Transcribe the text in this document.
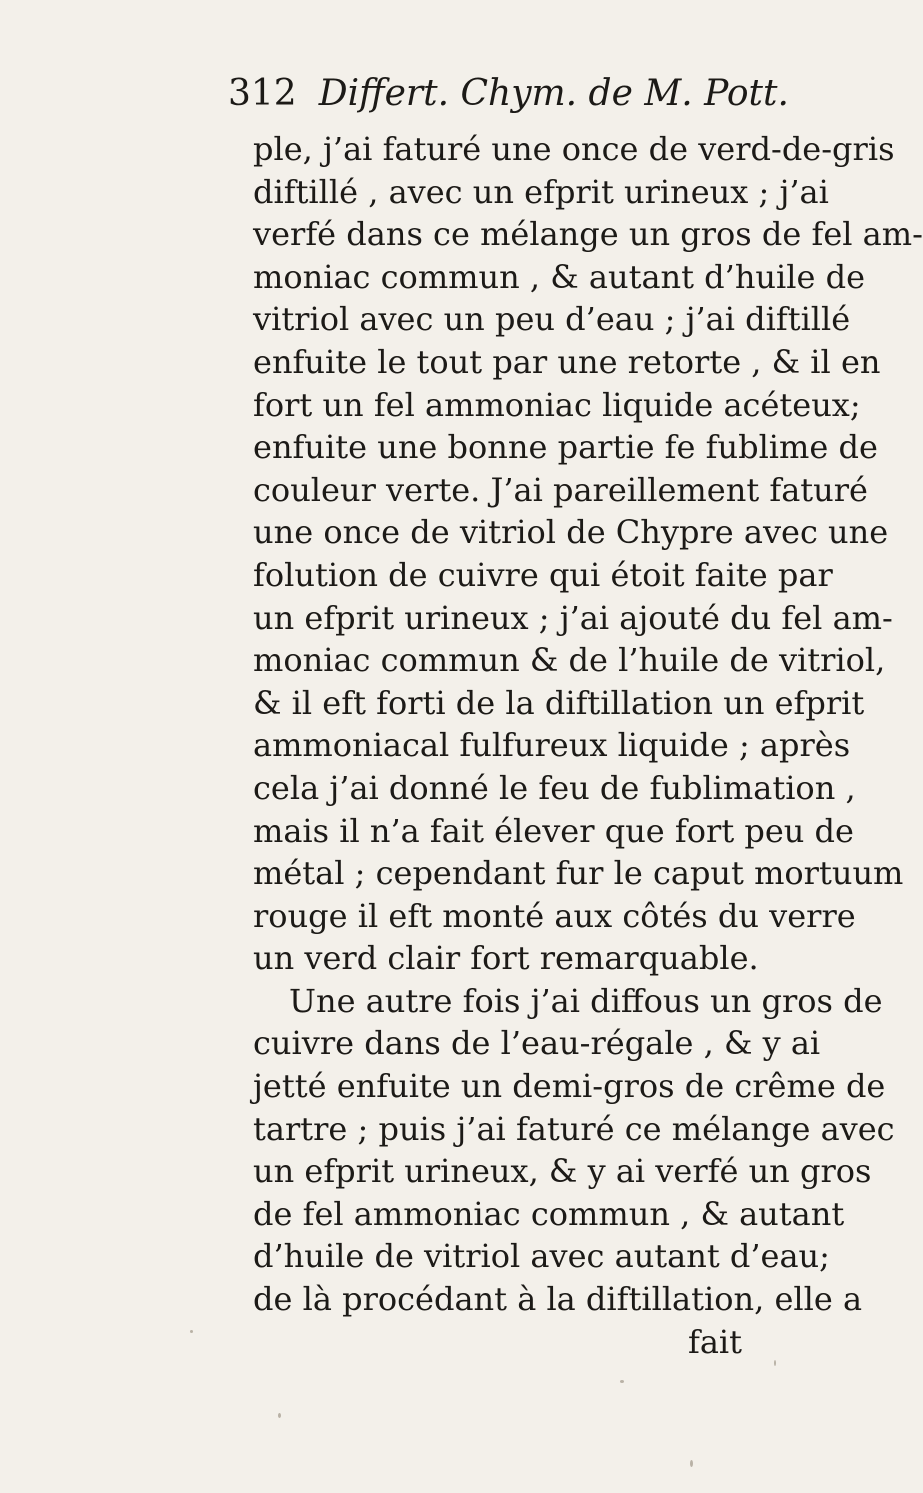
312 Differt. Chym. de M. Pott.
ple, j’ai faturé une once de verd-de-gris
diftillé , avec un efprit urineux ; j’ai
verfé dans ce mélange un gros de fel am-
moniac commun , & autant d’huile de
vitriol avec un peu d’eau ; j’ai diftillé
enfuite le tout par une retorte , & il en
fort un fel ammoniac liquide acéteux;
enfuite une bonne partie fe fublime de
couleur verte. J’ai pareillement faturé
une once de vitriol de Chypre avec une
folution de cuivre qui étoit faite par
un efprit urineux ; j’ai ajouté du fel am-
moniac commun & de l’huile de vitriol,
& il eft forti de la diftillation un efprit
ammoniacal fulfureux liquide ; après
cela j’ai donné le feu de fublimation ,
mais il n’a fait élever que fort peu de
métal ; cependant fur le caput mortuum
rouge il eft monté aux côtés du verre
un verd clair fort remarquable.
Une autre fois j’ai diffous un gros de
cuivre dans de l’eau-régale , & y ai
jetté enfuite un demi-gros de crême de
tartre ; puis j’ai faturé ce mélange avec
un efprit urineux, & y ai verfé un gros
de fel ammoniac commun , & autant
d’huile de vitriol avec autant d’eau;
de là procédant à la diftillation, elle a
fait
